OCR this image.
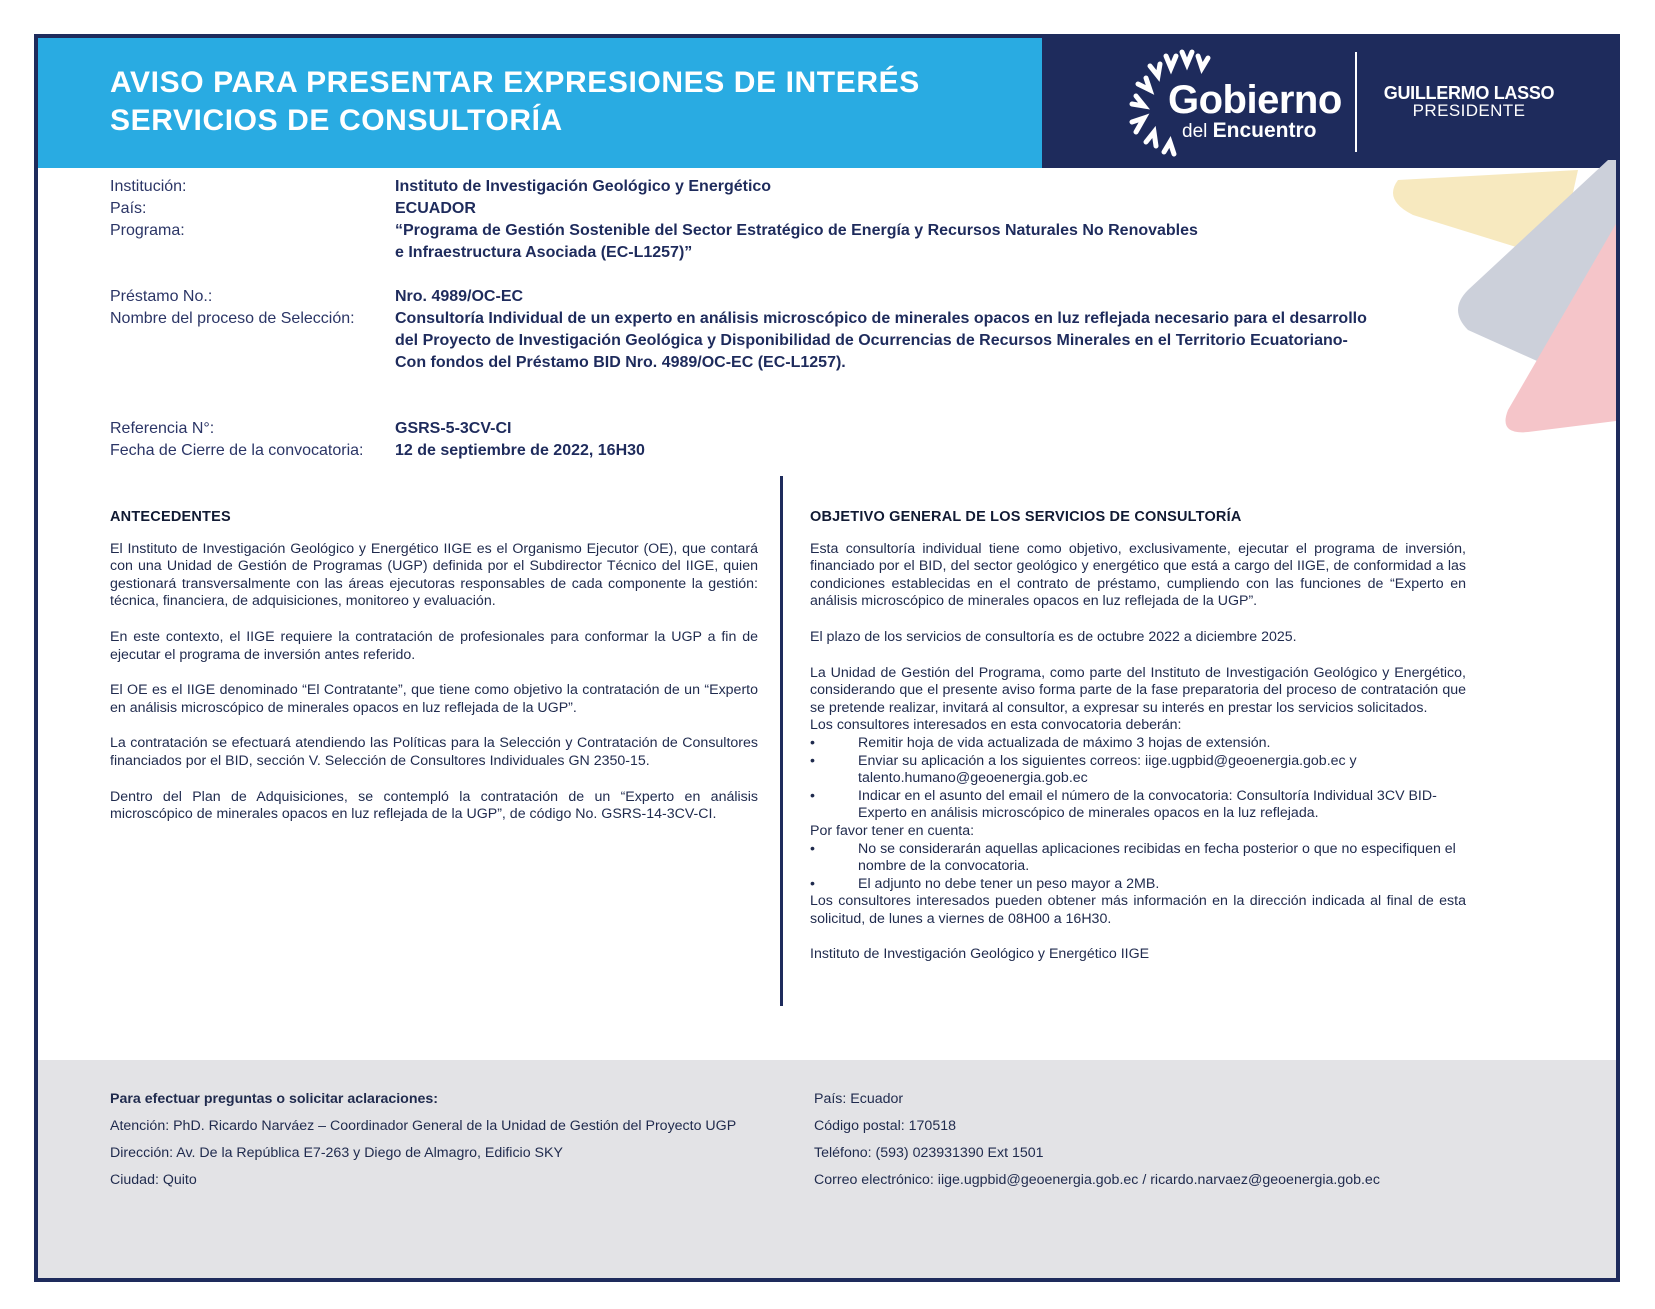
AVISO PARA PRESENTAR EXPRESIONES DE INTERÉS
SERVICIOS DE CONSULTORÍA	Gobierno
del Encuentro
GUILLERMO LASSO
PRESIDENTE
Institución:	Instituto de Investigación Geológico y Energético
País:	ECUADOR
Programa:	“Programa de Gestión Sostenible del Sector Estratégico de Energía y Recursos Naturales No Renovables
e Infraestructura Asociada (EC-L1257)”
Préstamo No.:	Nro. 4989/OC-EC
Nombre del proceso de Selección:	Consultoría Individual de un experto en análisis microscópico de minerales opacos en luz reflejada necesario para el desarrollo
del Proyecto de Investigación Geológica y Disponibilidad de Ocurrencias de Recursos Minerales en el Territorio Ecuatoriano-
Con fondos del Préstamo BID Nro. 4989/OC-EC (EC-L1257).
Referencia N°:	GSRS-5-3CV-CI
Fecha de Cierre de la convocatoria:	12 de septiembre de 2022, 16H30
ANTECEDENTES

El Instituto de Investigación Geológico y Energético IIGE es el Organismo Ejecutor (OE), que contará con una Unidad de Gestión de Programas (UGP) definida por el Subdirector Técnico del IIGE, quien gestionará transversalmente con las áreas ejecutoras responsables de cada componente la gestión: técnica, financiera, de adquisiciones, monitoreo y evaluación.

En este contexto, el IIGE requiere la contratación de profesionales para conformar la UGP a fin de ejecutar el programa de inversión antes referido.

El OE es el IIGE denominado “El Contratante”, que tiene como objetivo la contratación de un “Experto en análisis microscópico de minerales opacos en luz reflejada de la UGP”.

La contratación se efectuará atendiendo las Políticas para la Selección y Contratación de Consultores financiados por el BID, sección V. Selección de Consultores Individuales GN 2350-15.

Dentro del Plan de Adquisiciones, se contempló la contratación de un “Experto en análisis microscópico de minerales opacos en luz reflejada de la UGP”, de código No. GSRS-14-3CV-CI.

OBJETIVO GENERAL DE LOS SERVICIOS DE CONSULTORÍA

Esta consultoría individual tiene como objetivo, exclusivamente, ejecutar el programa de inversión, financiado por el BID, del sector geológico y energético que está a cargo del IIGE, de conformidad a las condiciones establecidas en el contrato de préstamo, cumpliendo con las funciones de “Experto en análisis microscópico de minerales opacos en luz reflejada de la UGP”.

El plazo de los servicios de consultoría es de octubre 2022 a diciembre 2025.

La Unidad de Gestión del Programa, como parte del Instituto de Investigación Geológico y Energético, considerando que el presente aviso forma parte de la fase preparatoria del proceso de contratación que se pretende realizar, invitará al consultor, a expresar su interés en prestar los servicios solicitados.

Los consultores interesados en esta convocatoria deberán:

•	Remitir hoja de vida actualizada de máximo 3 hojas de extensión.
•	Enviar su aplicación a los siguientes correos: iige.ugpbid@geoenergia.gob.ec y talento.humano@geoenergia.gob.ec
•	Indicar en el asunto del email el número de la convocatoria: Consultoría Individual 3CV BID- Experto en análisis microscópico de minerales opacos en la luz reflejada.

Por favor tener en cuenta:

•	No se considerarán aquellas aplicaciones recibidas en fecha posterior o que no especifiquen el nombre de la convocatoria.
•	El adjunto no debe tener un peso mayor a 2MB.

Los consultores interesados pueden obtener más información en la dirección indicada al final de esta solicitud, de lunes a viernes de 08H00 a 16H30.

Instituto de Investigación Geológico y Energético IIGE

Para efectuar preguntas o solicitar aclaraciones:
Atención: PhD. Ricardo Narváez – Coordinador General de la Unidad de Gestión del Proyecto UGP
Dirección: Av. De la República E7-263 y Diego de Almagro, Edificio SKY
Ciudad: Quito
País: Ecuador
Código postal: 170518
Teléfono: (593) 023931390 Ext 1501
Correo electrónico: iige.ugpbid@geoenergia.gob.ec / ricardo.narvaez@geoenergia.gob.ec
